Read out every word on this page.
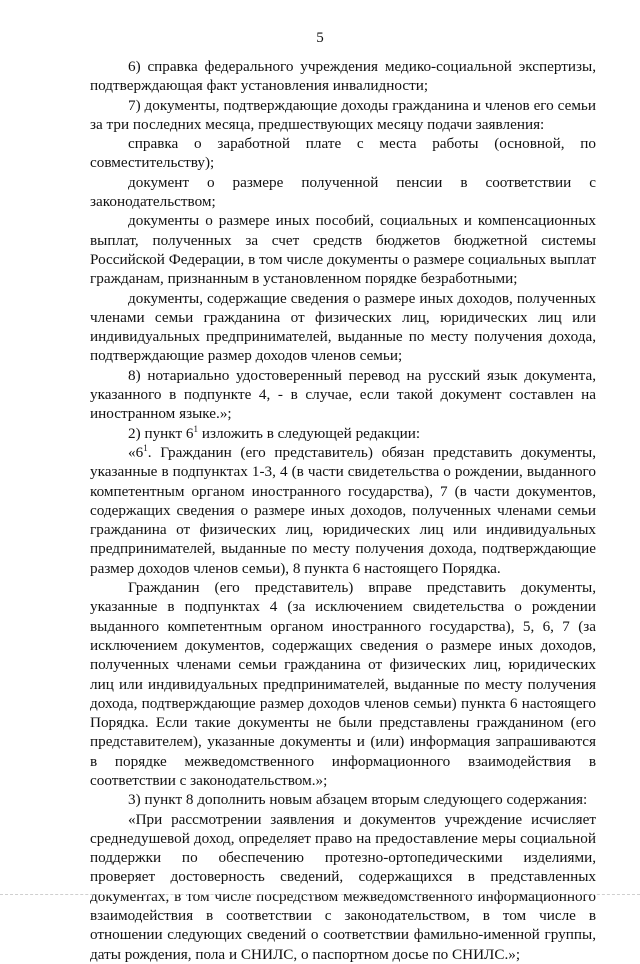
5

6) справка федерального учреждения медико-социальной экспертизы, подтверждающая факт установления инвалидности;

7) документы, подтверждающие доходы гражданина и членов его семьи за три последних месяца, предшествующих месяцу подачи заявления:

справка о заработной плате с места работы (основной, по совместительству);

документ о размере полученной пенсии в соответствии с законодательством;

документы о размере иных пособий, социальных и компенсационных выплат, полученных за счет средств бюджетов бюджетной системы Российской Федерации, в том числе документы о размере социальных выплат гражданам, признанным в установленном порядке безработными;

документы, содержащие сведения о размере иных доходов, полученных членами семьи гражданина от физических лиц, юридических лиц или индивидуальных предпринимателей, выданные по месту получения дохода, подтверждающие размер доходов членов семьи;

8) нотариально удостоверенный перевод на русский язык документа, указанного в подпункте 4, - в случае, если такой документ составлен на иностранном языке.»;

2) пункт $6^1$ изложить в следующей редакции:

«$6^1$. Гражданин (его представитель) обязан представить документы, указанные в подпунктах 1-3, 4 (в части свидетельства о рождении, выданного компетентным органом иностранного государства), 7 (в части документов, содержащих сведения о размере иных доходов, полученных членами семьи гражданина от физических лиц, юридических лиц или индивидуальных предпринимателей, выданные по месту получения дохода, подтверждающие размер доходов членов семьи), 8 пункта 6 настоящего Порядка.

Гражданин (его представитель) вправе представить документы, указанные в подпунктах 4 (за исключением свидетельства о рождении выданного компетентным органом иностранного государства), 5, 6, 7 (за исключением документов, содержащих сведения о размере иных доходов, полученных членами семьи гражданина от физических лиц, юридических лиц или индивидуальных предпринимателей, выданные по месту получения дохода, подтверждающие размер доходов членов семьи) пункта 6 настоящего Порядка. Если такие документы не были представлены гражданином (его представителем), указанные документы и (или) информация запрашиваются в порядке межведомственного информационного взаимодействия в соответствии с законодательством.»;

3) пункт 8 дополнить новым абзацем вторым следующего содержания:

«При рассмотрении заявления и документов учреждение исчисляет среднедушевой доход, определяет право на предоставление меры социальной поддержки по обеспечению протезно-ортопедическими изделиями, проверяет достоверность сведений, содержащихся в представленных документах, в том числе посредством межведомственного информационного взаимодействия в соответствии с законодательством, в том числе в отношении следующих сведений о соответствии фамильно-именной группы, даты рождения, пола и СНИЛС, о паспортном досье по СНИЛС.»;
